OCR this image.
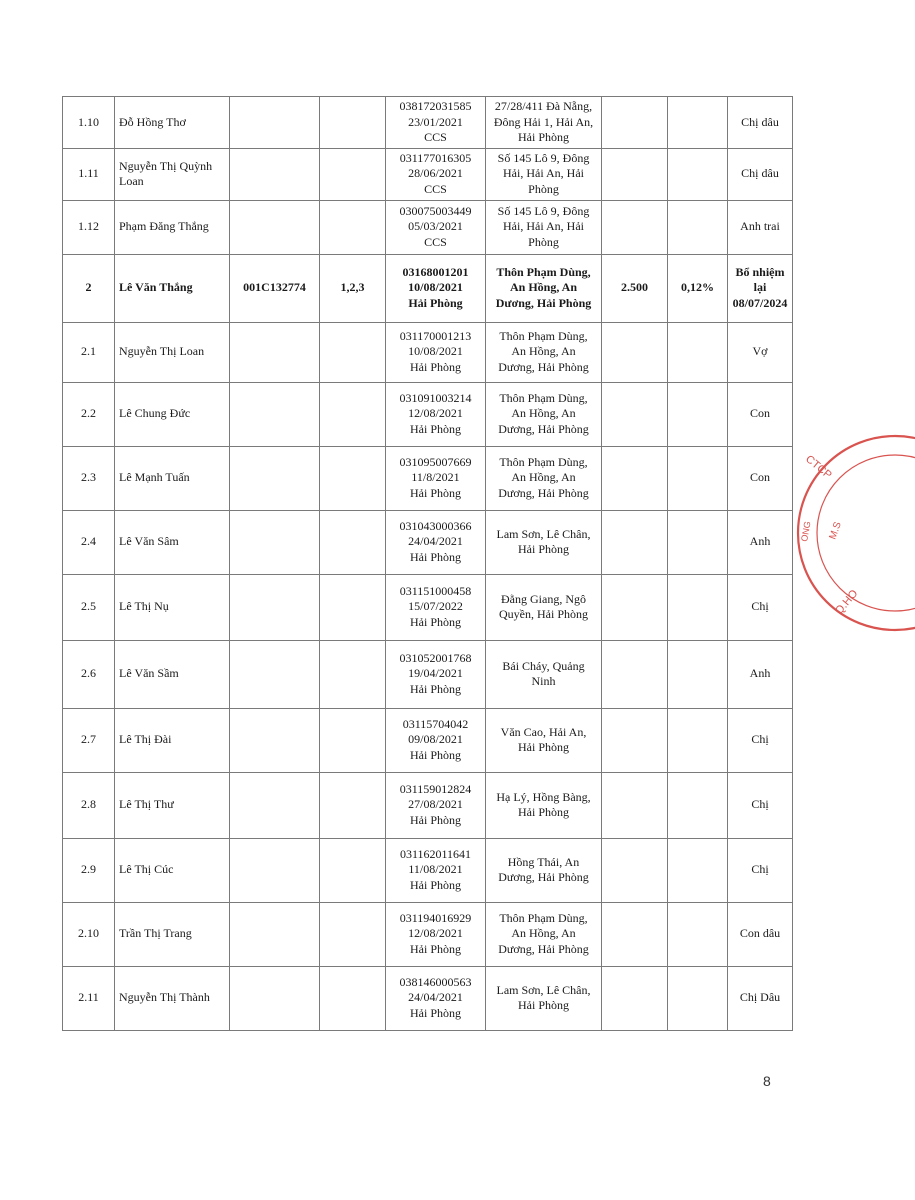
1.10	Đỗ Hồng Thơ			038172031585
23/01/2021
CCS	27/28/411 Đà Nẵng,
Đông Hải 1, Hải An,
Hải Phòng			Chị dâu
1.11	Nguyễn Thị Quỳnh Loan			031177016305
28/06/2021
CCS	Số 145 Lô 9, Đông
Hải, Hải An, Hải
Phòng			Chị dâu
1.12	Phạm Đăng Thắng			030075003449
05/03/2021
CCS	Số 145 Lô 9, Đông
Hải, Hải An, Hải
Phòng			Anh trai
2	Lê Văn Thắng	001C132774	1,2,3	03168001201
10/08/2021
Hải Phòng	Thôn Phạm Dùng,
An Hồng, An
Dương, Hải Phòng	2.500	0,12%	Bổ nhiệm lại 08/07/2024
2.1	Nguyễn Thị Loan			031170001213
10/08/2021
Hải Phòng	Thôn Phạm Dùng,
An Hồng, An
Dương, Hải Phòng			Vợ
2.2	Lê Chung Đức			031091003214
12/08/2021
Hải Phòng	Thôn Phạm Dùng,
An Hồng, An
Dương, Hải Phòng			Con
2.3	Lê Mạnh Tuấn			031095007669
11/8/2021
Hải Phòng	Thôn Phạm Dùng,
An Hồng, An
Dương, Hải Phòng			Con
2.4	Lê Văn Sâm			031043000366
24/04/2021
Hải Phòng	Lam Sơn, Lê Chân,
Hải Phòng			Anh
2.5	Lê Thị Nụ			031151000458
15/07/2022
Hải Phòng	Đằng Giang, Ngô
Quyền, Hải Phòng			Chị
2.6	Lê Văn Sầm			031052001768
19/04/2021
Hải Phòng	Bái Cháy, Quảng
Ninh			Anh
2.7	Lê Thị Đài			03115704042
09/08/2021
Hải Phòng	Văn Cao, Hải An,
Hải Phòng			Chị
2.8	Lê Thị Thư			031159012824
27/08/2021
Hải Phòng	Hạ Lý, Hồng Bàng,
Hải Phòng			Chị
2.9	Lê Thị Cúc			031162011641
11/08/2021
Hải Phòng	Hồng Thái, An
Dương, Hải Phòng			Chị
2.10	Trần Thị Trang			031194016929
12/08/2021
Hải Phòng	Thôn Phạm Dùng,
An Hồng, An
Dương, Hải Phòng			Con dâu
2.11	Nguyễn Thị Thành			038146000563
24/04/2021
Hải Phòng	Lam Sơn, Lê Chân,
Hải Phòng			Chị Dâu
CTCP
M.S
Q.HO
ONG
8
